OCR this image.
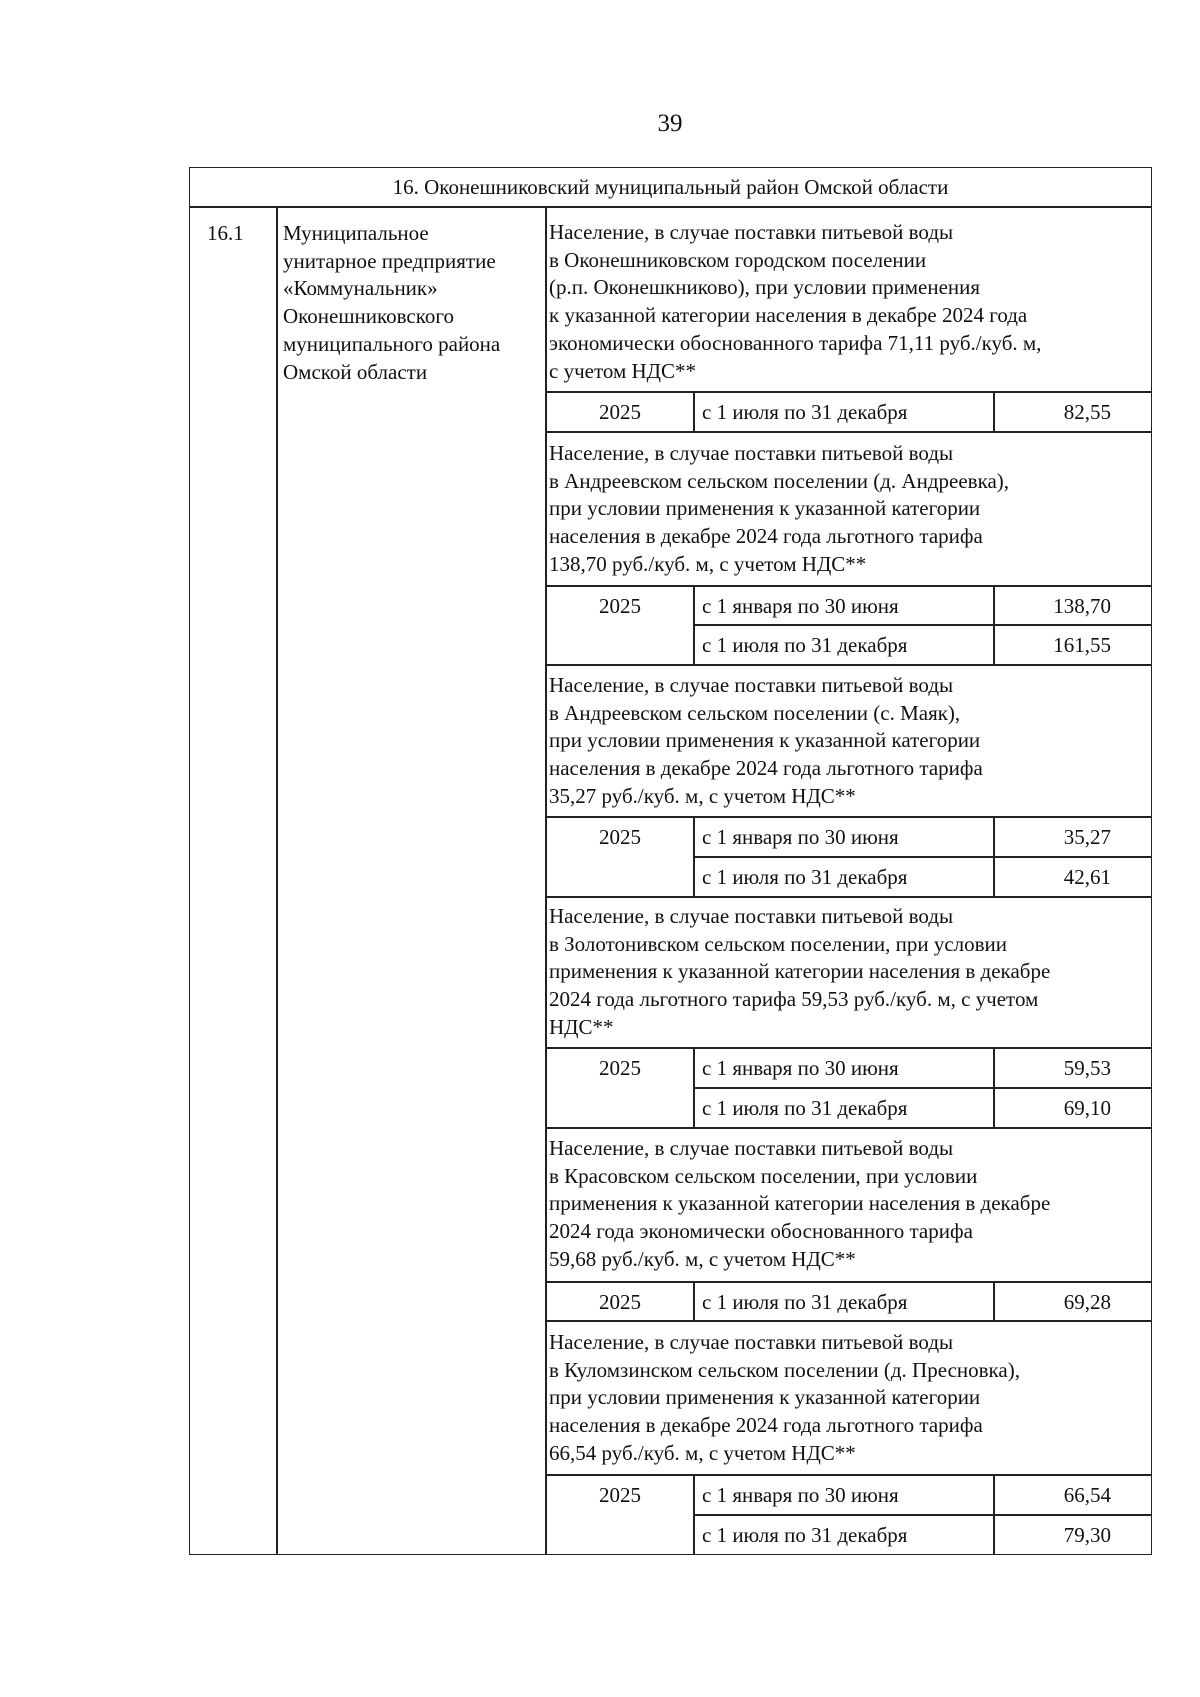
39
16. Оконешниковский муниципальный район Омской области
16.1 Муниципальное
унитарное предприятие
«Коммунальник»
Оконешниковского
муниципального района
Омской области
Население, в случае поставки питьевой воды
в Оконешниковском городском поселении
(р.п. Оконешкниково), при условии применения
к указанной категории населения в декабре 2024 года
экономически обоснованного тарифа 71,11 руб./куб. м,
с учетом НДС**
2025	с 1 июля по 31 декабря	82,55
Население, в случае поставки питьевой воды
в Андреевском сельском поселении (д. Андреевка),
при условии применения к указанной категории
населения в декабре 2024 года льготного тарифа
138,70 руб./куб. м, с учетом НДС**
2025	с 1 января по 30 июня	138,70
с 1 июля по 31 декабря	161,55
Население, в случае поставки питьевой воды
в Андреевском сельском поселении (с. Маяк),
при условии применения к указанной категории
населения в декабре 2024 года льготного тарифа
35,27 руб./куб. м, с учетом НДС**
2025	с 1 января по 30 июня	35,27
с 1 июля по 31 декабря	42,61
Население, в случае поставки питьевой воды
в Золотонивском сельском поселении, при условии
применения к указанной категории населения в декабре
2024 года льготного тарифа 59,53 руб./куб. м, с учетом
НДС**
2025	с 1 января по 30 июня	59,53
с 1 июля по 31 декабря	69,10
Население, в случае поставки питьевой воды
в Красовском сельском поселении, при условии
применения к указанной категории населения в декабре
2024 года экономически обоснованного тарифа
59,68 руб./куб. м, с учетом НДС**
2025	с 1 июля по 31 декабря	69,28
Население, в случае поставки питьевой воды
в Куломзинском сельском поселении (д. Пресновка),
при условии применения к указанной категории
населения в декабре 2024 года льготного тарифа
66,54 руб./куб. м, с учетом НДС**
2025	с 1 января по 30 июня	66,54
с 1 июля по 31 декабря	79,30
